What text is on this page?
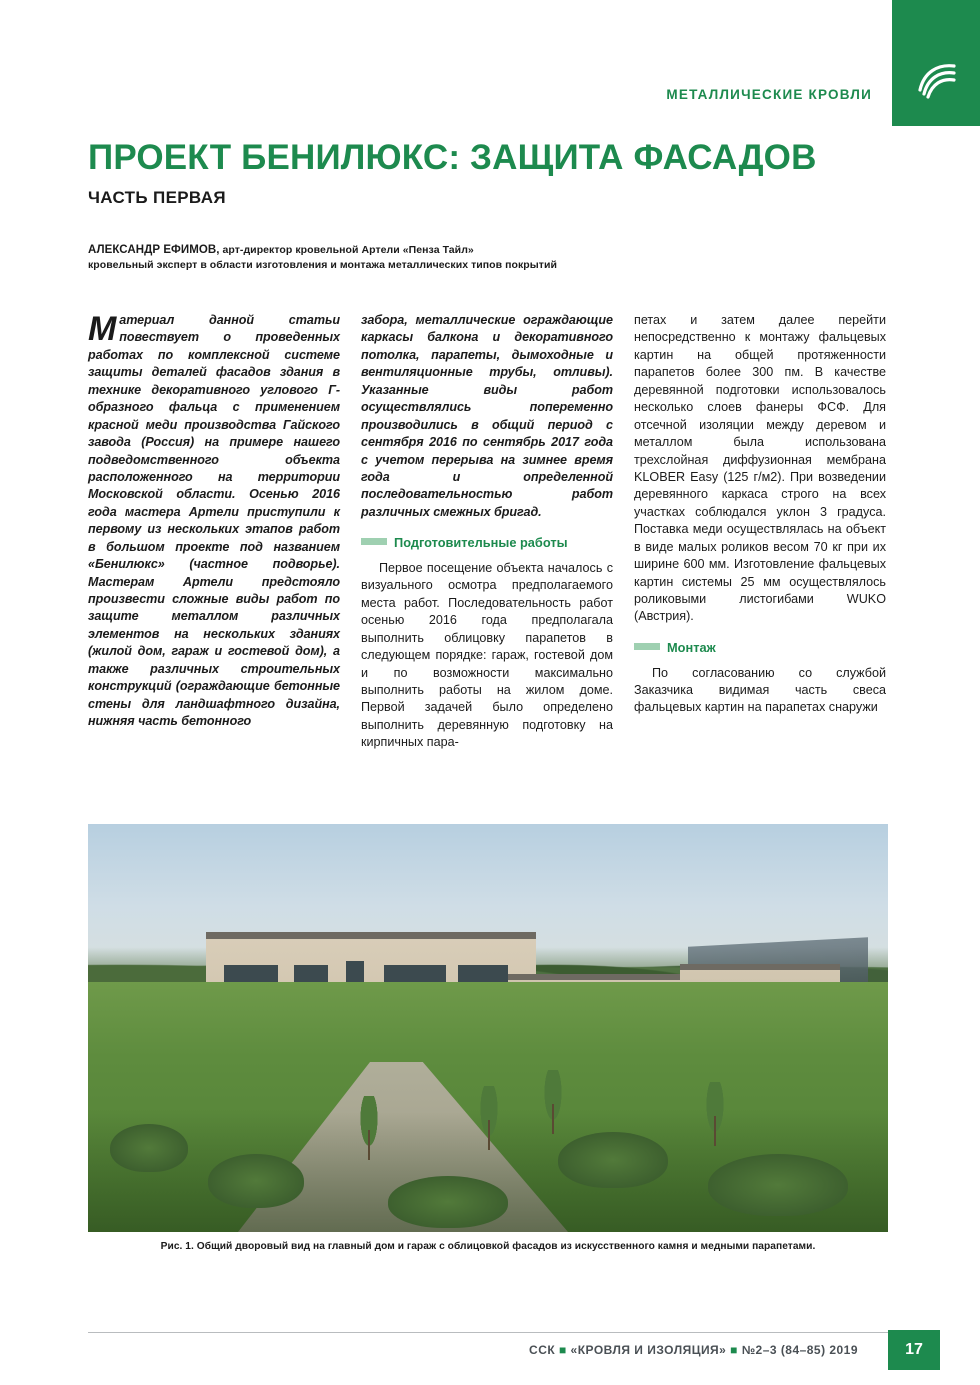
МЕТАЛЛИЧЕСКИЕ КРОВЛИ
ПРОЕКТ БЕНИЛЮКС: ЗАЩИТА ФАСАДОВ
ЧАСТЬ ПЕРВАЯ
АЛЕКСАНДР ЕФИМОВ, арт-директор кровельной Артели «Пенза Тайл»
кровельный эксперт в области изготовления и монтажа металлических типов покрытий

Материал данной статьи повествует о проведенных работах по комплексной системе защиты деталей фасадов здания в технике декоративного углового Г-образного фальца с применением красной меди производства Гайского завода (Россия) на примере нашего подведомственного объекта расположенного на территории Московской области. Осенью 2016 года мастера Артели приступили к первому из нескольких этапов работ в большом проекте под названием «Бенилюкс» (частное подворье). Мастерам Артели предстояло произвести сложные виды работ по защите металлом различных элементов на нескольких зданиях (жилой дом, гараж и гостевой дом), а также различных строительных конструкций (ограждающие бетонные стены для ландшафтного дизайна, нижняя часть бетонного

забора, металлические ограждающие каркасы балкона и декоративного потолка, парапеты, дымоходные и вентиляционные трубы, отливы). Указанные виды работ осуществлялись попеременно производились в общий период с сентября 2016 по сентябрь 2017 года с учетом перерыва на зимнее время года и определенной последовательностью работ различных смежных бригад.

Подготовительные работы

Первое посещение объекта началось с визуального осмотра предполагаемого места работ. Последовательность работ осенью 2016 года предполагала выполнить облицовку парапетов в следующем порядке: гараж, гостевой дом и по возможности максимально выполнить работы на жилом доме. Первой задачей было определено выполнить деревянную подготовку на кирпичных пара-

петах и затем далее перейти непосредственно к монтажу фальцевых картин на общей протяженности парапетов более 300 пм. В качестве деревянной подготовки использовалось несколько слоев фанеры ФСФ. Для отсечной изоляции между деревом и металлом была использована трехслойная диффузионная мембрана KLOBER Easy (125 г/м2). При возведении деревянного каркаса строго на всех участках соблюдался уклон 3 градуса. Поставка меди осуществлялась на объект в виде малых роликов весом 70 кг при их ширине 600 мм. Изготовление фальцевых картин системы 25 мм осуществлялось роликовыми листогибами WUKO (Австрия).

Монтаж

По согласованию со службой Заказчика видимая часть свеса фальцевых картин на парапетах снаружи

Рис. 1. Общий дворовый вид на главный дом и гараж с облицовкой фасадов из искусственного камня и медными парапетами.
ССК ■ «КРОВЛЯ И ИЗОЛЯЦИЯ» ■ №2–3 (84–85) 2019	17
